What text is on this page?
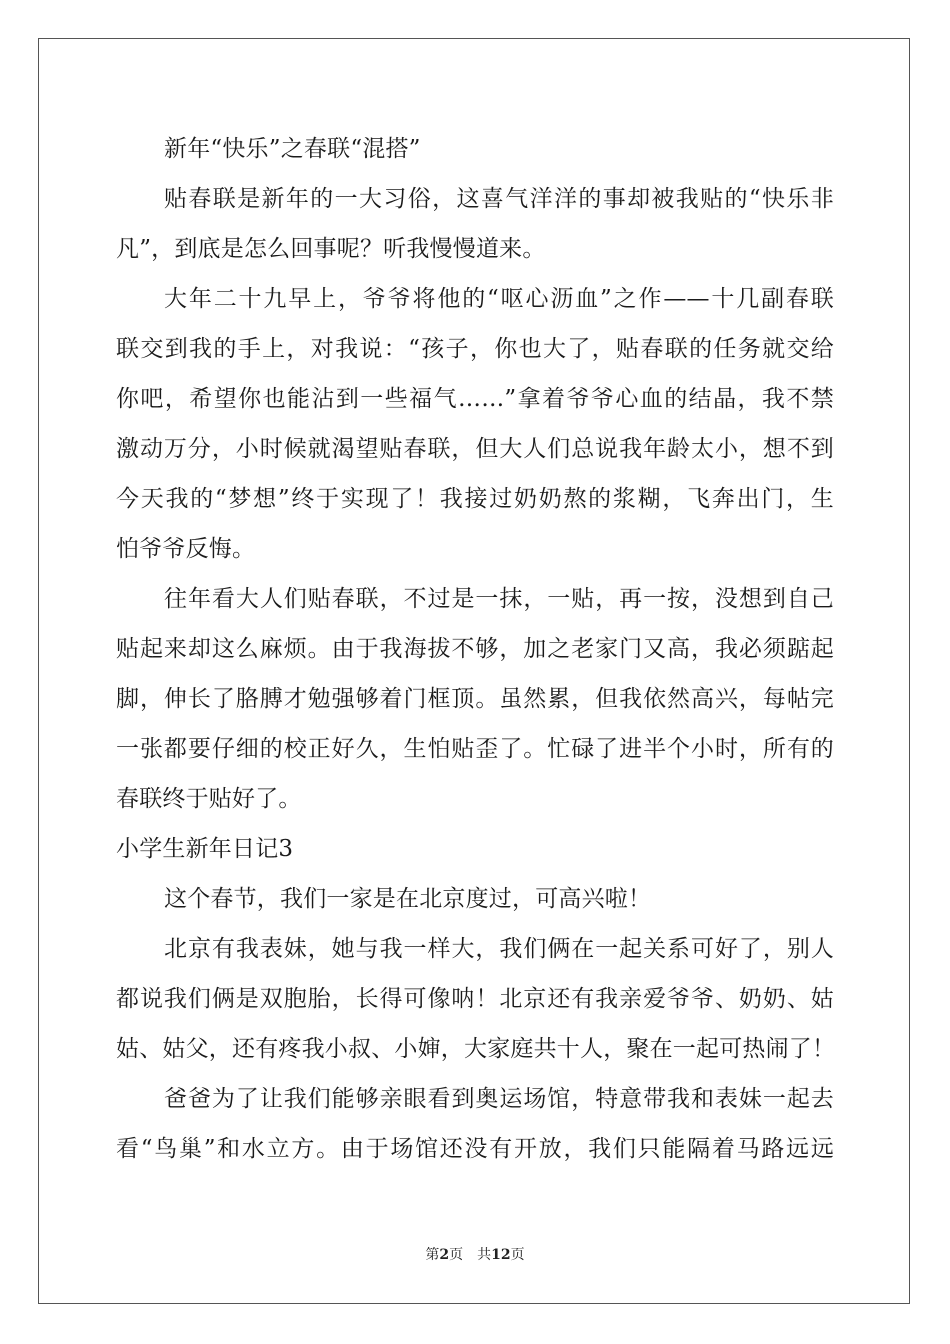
新年“快乐”之春联“混搭”
贴春联是新年的一大习俗，这喜气洋洋的事却被我贴的“快乐非
凡”，到底是怎么回事呢？听我慢慢道来。
大年二十九早上，爷爷将他的“呕心沥血”之作——十几副春联
联交到我的手上，对我说：“孩子，你也大了，贴春联的任务就交给
你吧，希望你也能沾到一些福气……”拿着爷爷心血的结晶，我不禁
激动万分，小时候就渴望贴春联，但大人们总说我年龄太小，想不到
今天我的“梦想”终于实现了！我接过奶奶熬的浆糊，飞奔出门，生
怕爷爷反悔。
往年看大人们贴春联，不过是一抹，一贴，再一按，没想到自己
贴起来却这么麻烦。由于我海拔不够，加之老家门又高，我必须踮起
脚，伸长了胳膊才勉强够着门框顶。虽然累，但我依然高兴，每帖完
一张都要仔细的校正好久，生怕贴歪了。忙碌了进半个小时，所有的
春联终于贴好了。
小学生新年日记3
这个春节，我们一家是在北京度过，可高兴啦！
北京有我表妹，她与我一样大，我们俩在一起关系可好了，别人
都说我们俩是双胞胎，长得可像呐！北京还有我亲爱爷爷、奶奶、姑
姑、姑父，还有疼我小叔、小婶，大家庭共十人，聚在一起可热闹了！
爸爸为了让我们能够亲眼看到奥运场馆，特意带我和表妹一起去
看“鸟巢”和水立方。由于场馆还没有开放，我们只能隔着马路远远
第2页 共12页
